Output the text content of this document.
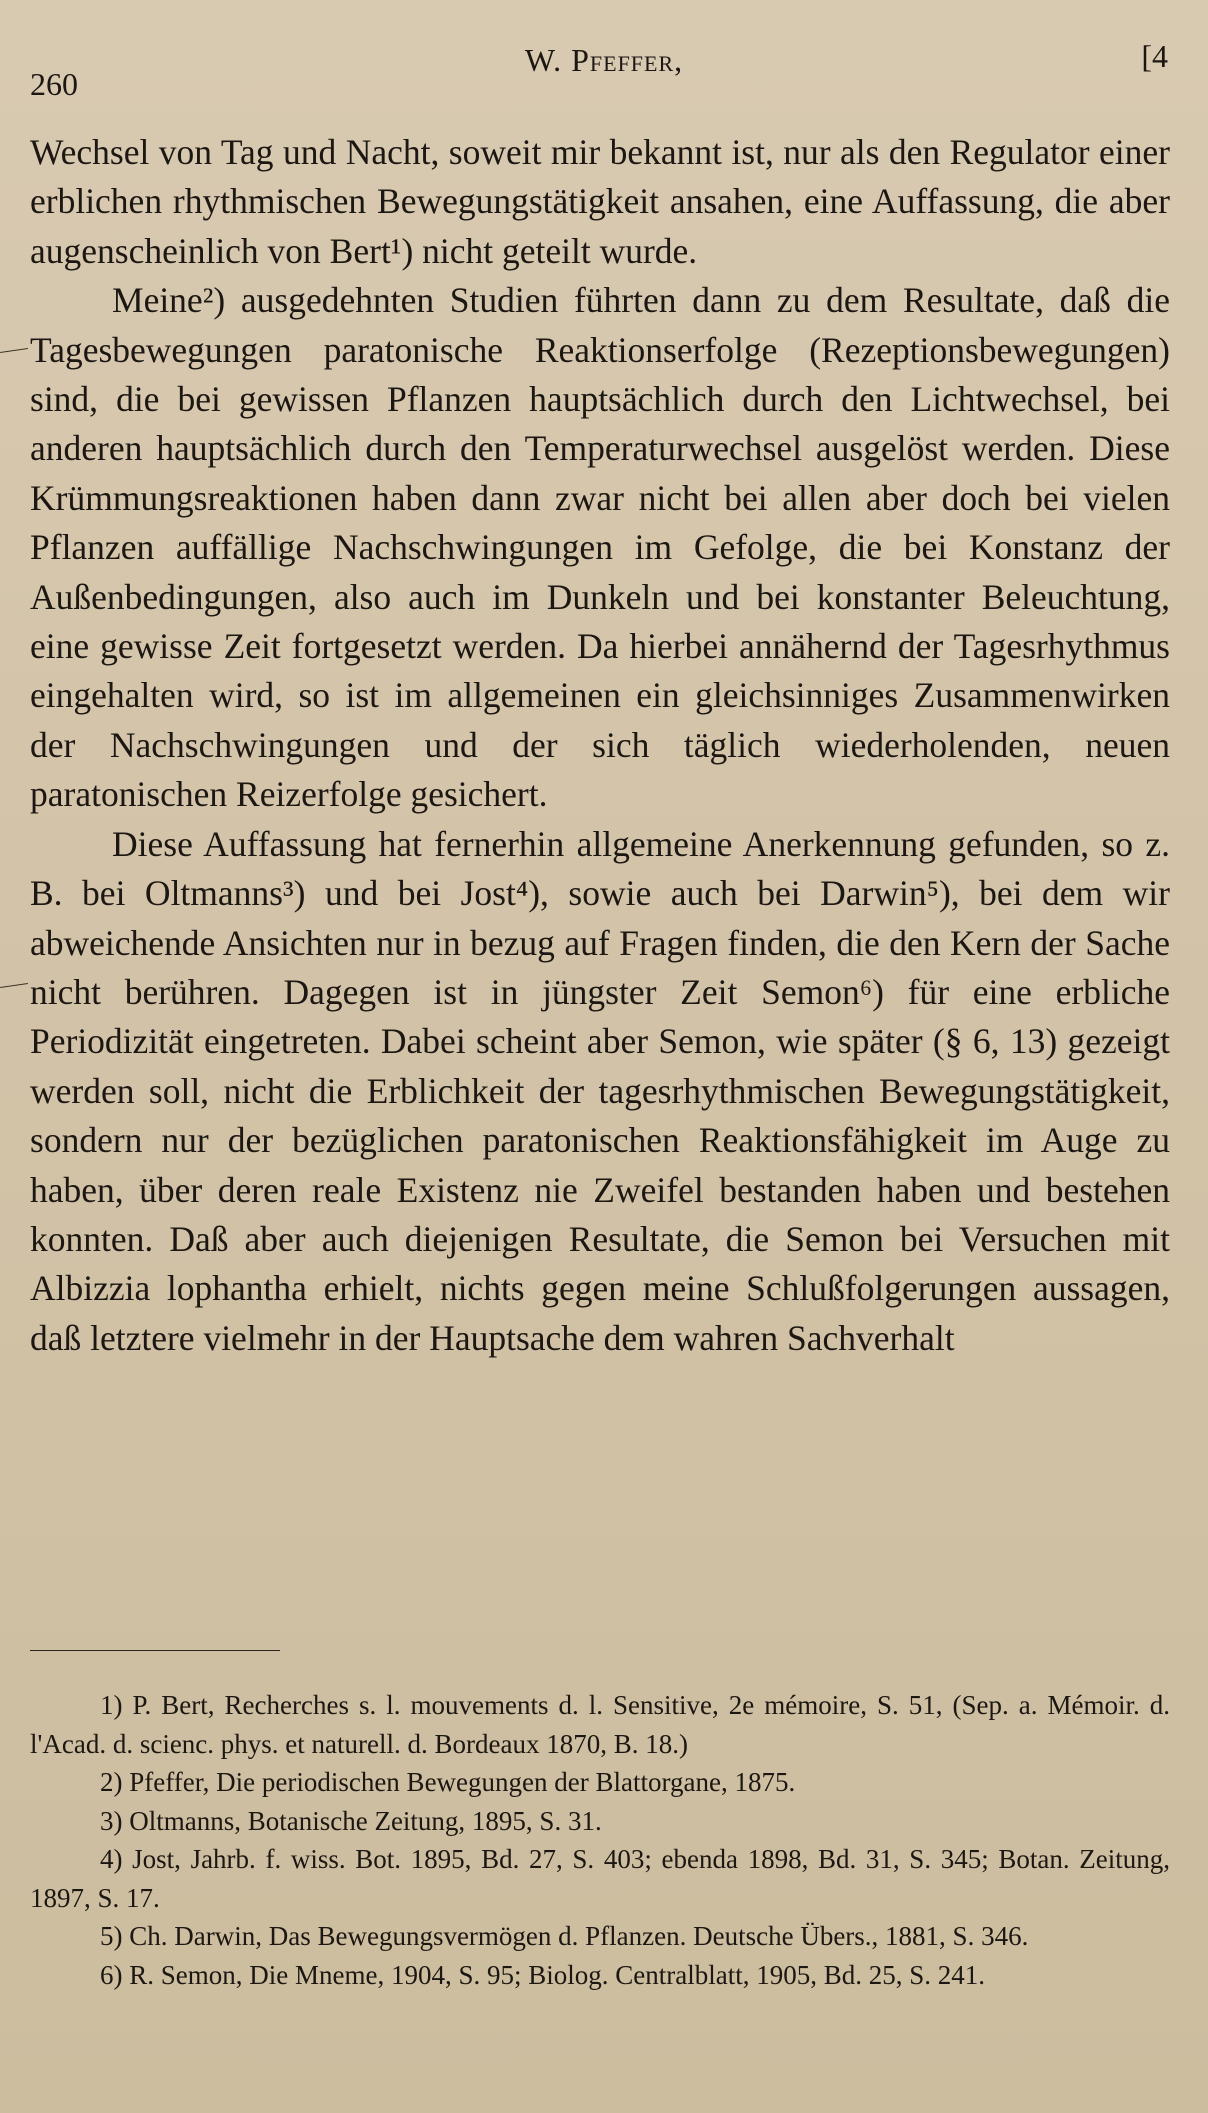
260
W. Pfeffer,	[4

Wechsel von Tag und Nacht, soweit mir bekannt ist, nur als den Regulator einer erblichen rhythmischen Bewegungstätigkeit ansahen, eine Auffassung, die aber augenscheinlich von Bert¹) nicht geteilt wurde.

Meine²) ausgedehnten Studien führten dann zu dem Resultate, daß die Tagesbewegungen paratonische Reaktionserfolge (Rezeptionsbewegungen) sind, die bei gewissen Pflanzen hauptsächlich durch den Lichtwechsel, bei anderen hauptsächlich durch den Temperaturwechsel ausgelöst werden. Diese Krümmungsreaktionen haben dann zwar nicht bei allen aber doch bei vielen Pflanzen auffällige Nachschwingungen im Gefolge, die bei Konstanz der Außenbedingungen, also auch im Dunkeln und bei konstanter Beleuchtung, eine gewisse Zeit fortgesetzt werden. Da hierbei annähernd der Tagesrhythmus eingehalten wird, so ist im allgemeinen ein gleichsinniges Zusammenwirken der Nachschwingungen und der sich täglich wiederholenden, neuen paratonischen Reizerfolge gesichert.

Diese Auffassung hat fernerhin allgemeine Anerkennung gefunden, so z. B. bei Oltmanns³) und bei Jost⁴), sowie auch bei Darwin⁵), bei dem wir abweichende Ansichten nur in bezug auf Fragen finden, die den Kern der Sache nicht berühren. Dagegen ist in jüngster Zeit Semon⁶) für eine erbliche Periodizität eingetreten. Dabei scheint aber Semon, wie später (§ 6, 13) gezeigt werden soll, nicht die Erblichkeit der tagesrhythmischen Bewegungstätigkeit, sondern nur der bezüglichen paratonischen Reaktionsfähigkeit im Auge zu haben, über deren reale Existenz nie Zweifel bestanden haben und bestehen konnten. Daß aber auch diejenigen Resultate, die Semon bei Versuchen mit Albizzia lophantha erhielt, nichts gegen meine Schlußfolgerungen aussagen, daß letztere vielmehr in der Hauptsache dem wahren Sachverhalt

1) P. Bert, Recherches s. l. mouvements d. l. Sensitive, 2e mémoire, S. 51, (Sep. a. Mémoir. d. l'Acad. d. scienc. phys. et naturell. d. Bordeaux 1870, B. 18.)

2) Pfeffer, Die periodischen Bewegungen der Blattorgane, 1875.

3) Oltmanns, Botanische Zeitung, 1895, S. 31.

4) Jost, Jahrb. f. wiss. Bot. 1895, Bd. 27, S. 403; ebenda 1898, Bd. 31, S. 345; Botan. Zeitung, 1897, S. 17.

5) Ch. Darwin, Das Bewegungsvermögen d. Pflanzen. Deutsche Übers., 1881, S. 346.

6) R. Semon, Die Mneme, 1904, S. 95; Biolog. Centralblatt, 1905, Bd. 25, S. 241.
